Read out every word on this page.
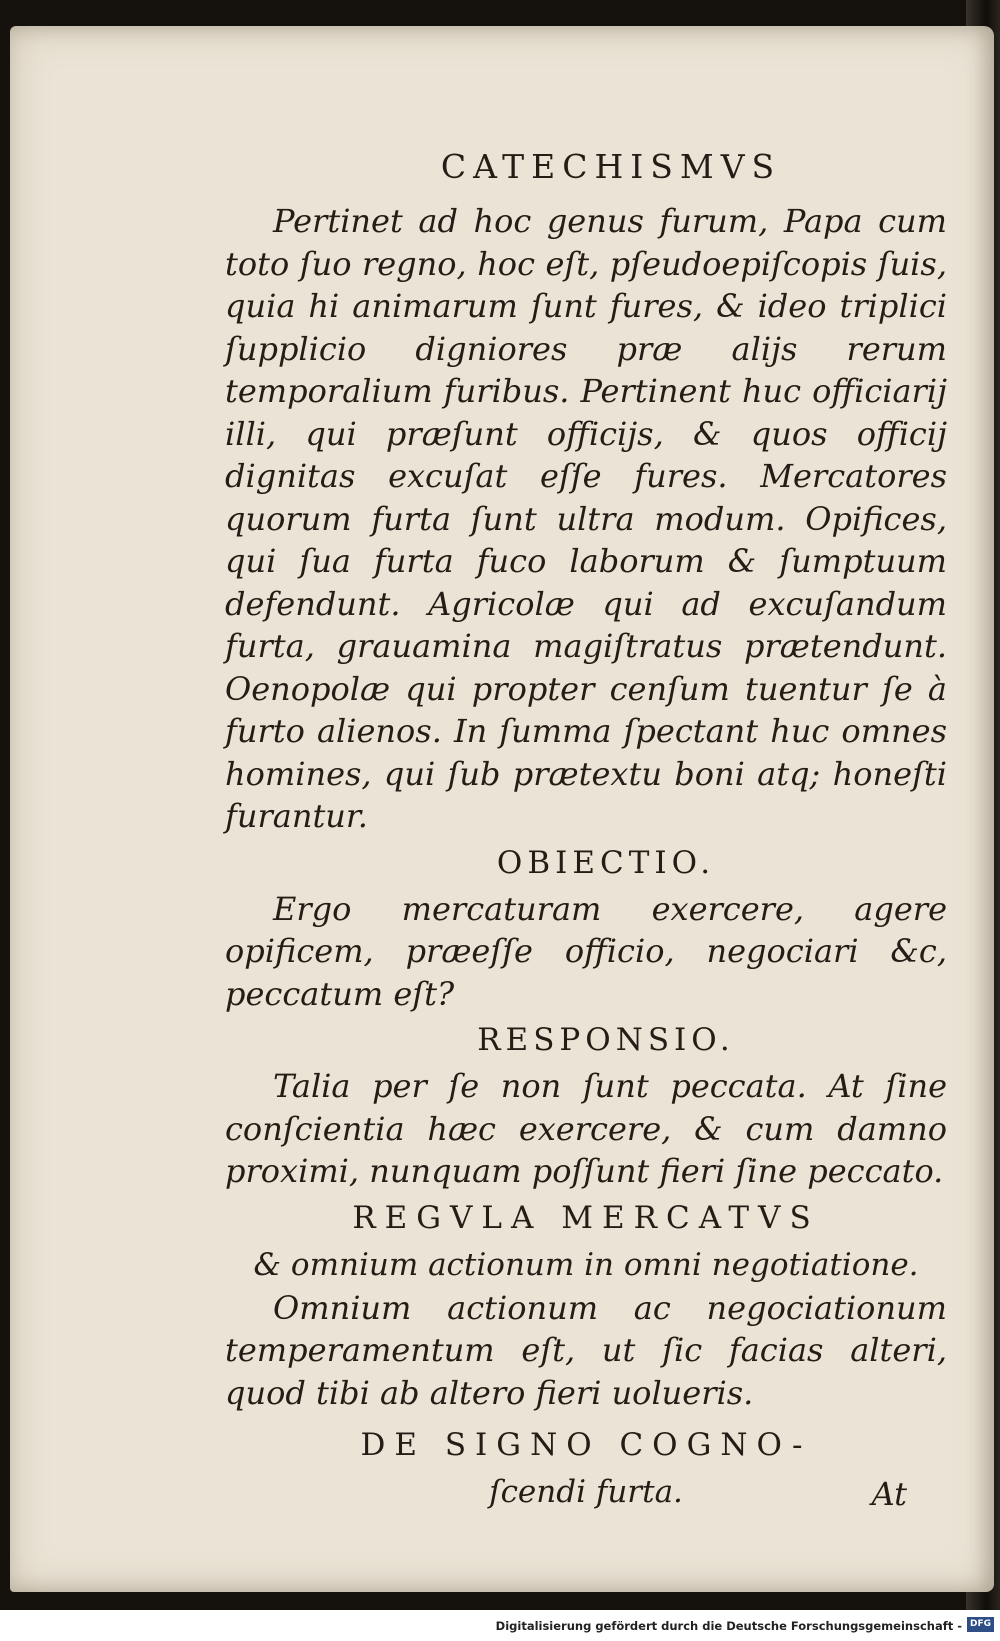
CATECHISMVS

Pertinet ad hoc genus furum, Papa cum toto ſuo regno, hoc eſt, pſeudoepiſcopis ſuis, quia hi animarum ſunt fures, & ideo triplici ſupplicio digniores præ alijs rerum temporalium furibus. Pertinent huc officiarij illi, qui præſunt officijs, & quos officij dignitas excuſat eſſe fures. Mercatores quorum furta ſunt ultra modum. Opifices, qui ſua furta fuco laborum & ſumptuum defendunt. Agricolæ qui ad excuſandum furta, grauamina magiſtratus prætendunt. Oenopolæ qui propter cenſum tuentur ſe à furto alienos. In ſumma ſpectant huc omnes homines, qui ſub prætextu boni atq; honeſti furantur.

OBIECTIO.

Ergo mercaturam exercere, agere opificem, præeſſe officio, negociari &c, peccatum eſt?

RESPONSIO.

Talia per ſe non ſunt peccata. At ſine conſcientia hæc exercere, & cum damno proximi, nunquam poſſunt fieri ſine peccato.

REGVLA MERCATVS
& omnium actionum in omni negotiatione.

Omnium actionum ac negociationum temperamentum eſt, ut ſic facias alteri, quod tibi ab altero fieri uolueris.

DE SIGNO COGNO-
ſcendi furta.	At
Digitalisierung gefördert durch die Deutsche Forschungsgemeinschaft - DFG
